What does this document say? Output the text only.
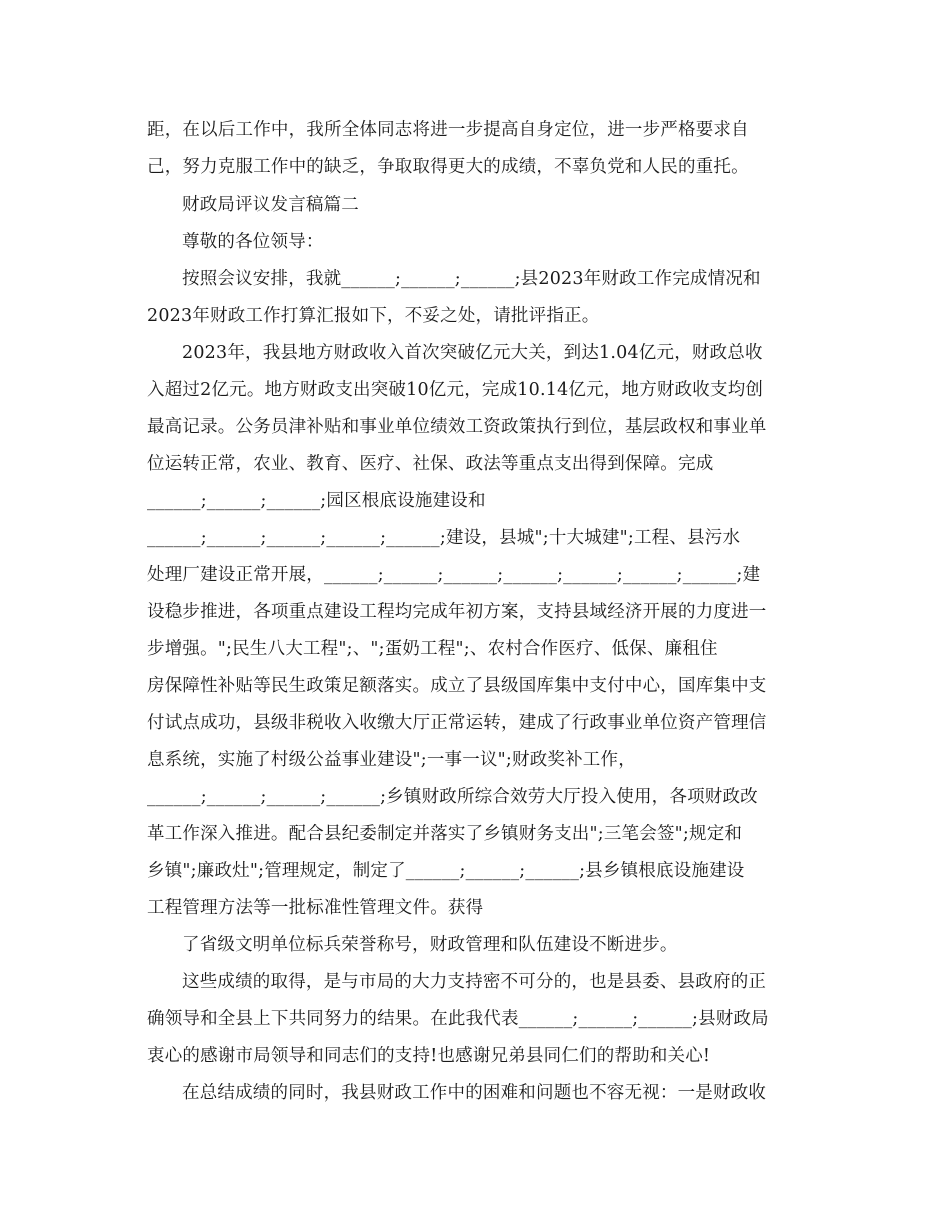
距，在以后工作中，我所全体同志将进一步提高自身定位，进一步严格要求自
己，努力克服工作中的缺乏，争取取得更大的成绩，不辜负党和人民的重托。
财政局评议发言稿篇二
尊敬的各位领导：
按照会议安排，我就______;______;______;县2023年财政工作完成情况和
2023年财政工作打算汇报如下，不妥之处，请批评指正。
2023年，我县地方财政收入首次突破亿元大关，到达1.04亿元，财政总收
入超过2亿元。地方财政支出突破10亿元，完成10.14亿元，地方财政收支均创
最高记录。公务员津补贴和事业单位绩效工资政策执行到位，基层政权和事业单
位运转正常，农业、教育、医疗、社保、政法等重点支出得到保障。完成
______;______;______;园区根底设施建设和
______;______;______;______;______;建设，县城";十大城建";工程、县污水
处理厂建设正常开展，______;______;______;______;______;______;______;建
设稳步推进，各项重点建设工程均完成年初方案，支持县域经济开展的力度进一
步增强。";民生八大工程";、";蛋奶工程";、农村合作医疗、低保、廉租住
房保障性补贴等民生政策足额落实。成立了县级国库集中支付中心，国库集中支
付试点成功，县级非税收入收缴大厅正常运转，建成了行政事业单位资产管理信
息系统，实施了村级公益事业建设";一事一议";财政奖补工作，
______;______;______;______;乡镇财政所综合效劳大厅投入使用，各项财政改
革工作深入推进。配合县纪委制定并落实了乡镇财务支出";三笔会签";规定和
乡镇";廉政灶";管理规定，制定了______;______;______;县乡镇根底设施建设
工程管理方法等一批标准性管理文件。获得
了省级文明单位标兵荣誉称号，财政管理和队伍建设不断进步。
这些成绩的取得，是与市局的大力支持密不可分的，也是县委、县政府的正
确领导和全县上下共同努力的结果。在此我代表______;______;______;县财政局
衷心的感谢市局领导和同志们的支持!也感谢兄弟县同仁们的帮助和关心!
在总结成绩的同时，我县财政工作中的困难和问题也不容无视：一是财政收
